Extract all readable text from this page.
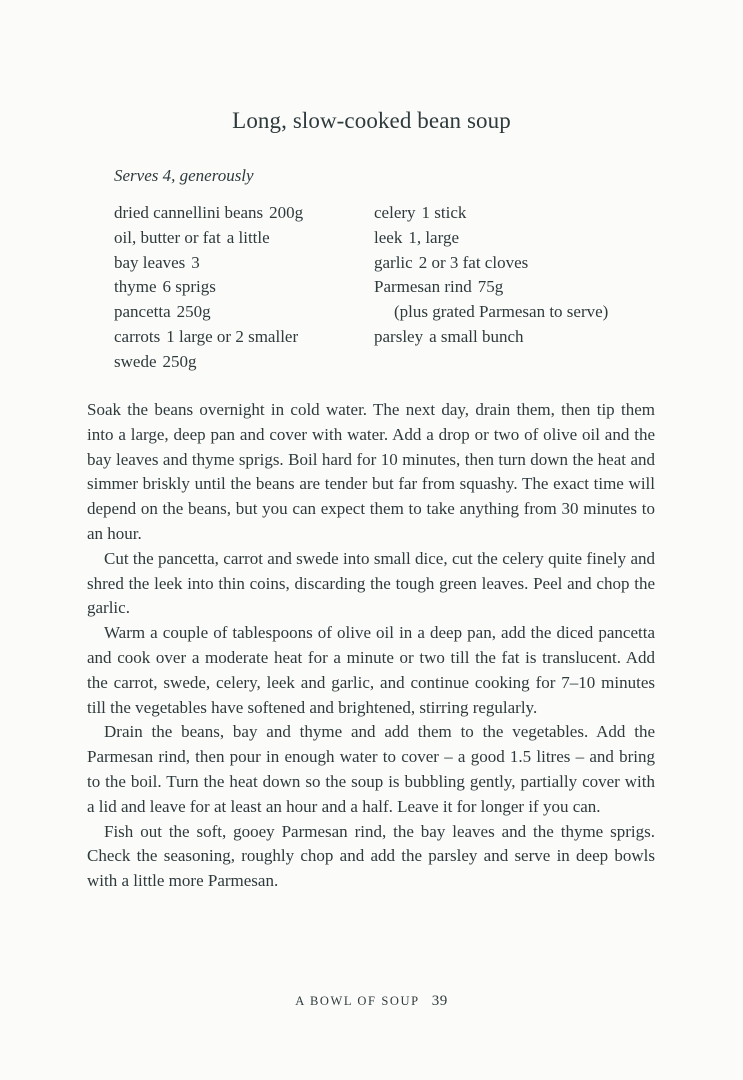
Long, slow-cooked bean soup
Serves 4, generously
dried cannellini beans 200g
oil, butter or fat a little
bay leaves 3
thyme 6 sprigs
pancetta 250g
carrots 1 large or 2 smaller
swede 250g
celery 1 stick
leek 1, large
garlic 2 or 3 fat cloves
Parmesan rind 75g
(plus grated Parmesan to serve)
parsley a small bunch

Soak the beans overnight in cold water. The next day, drain them, then tip them into a large, deep pan and cover with water. Add a drop or two of olive oil and the bay leaves and thyme sprigs. Boil hard for 10 minutes, then turn down the heat and simmer briskly until the beans are tender but far from squashy. The exact time will depend on the beans, but you can expect them to take anything from 30 minutes to an hour.

Cut the pancetta, carrot and swede into small dice, cut the celery quite finely and shred the leek into thin coins, discarding the tough green leaves. Peel and chop the garlic.

Warm a couple of tablespoons of olive oil in a deep pan, add the diced pancetta and cook over a moderate heat for a minute or two till the fat is translucent. Add the carrot, swede, celery, leek and garlic, and continue cooking for 7–10 minutes till the vegetables have softened and brightened, stirring regularly.

Drain the beans, bay and thyme and add them to the vegetables. Add the Parmesan rind, then pour in enough water to cover – a good 1.5 litres – and bring to the boil. Turn the heat down so the soup is bubbling gently, partially cover with a lid and leave for at least an hour and a half. Leave it for longer if you can.

Fish out the soft, gooey Parmesan rind, the bay leaves and the thyme sprigs. Check the seasoning, roughly chop and add the parsley and serve in deep bowls with a little more Parmesan.

A BOWL OF SOUP 39
